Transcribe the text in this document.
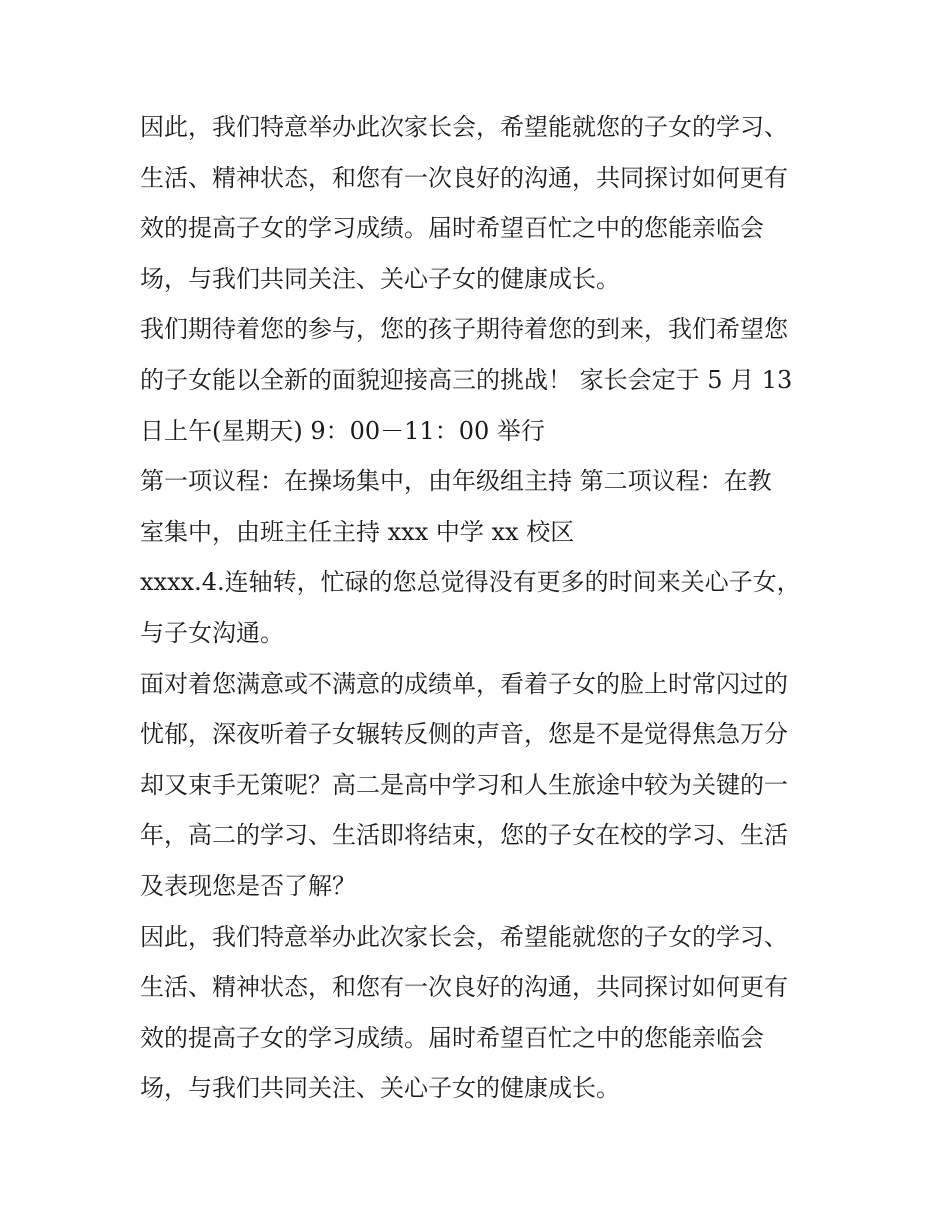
因此，我们特意举办此次家长会，希望能就您的子女的学习、
生活、精神状态，和您有一次良好的沟通，共同探讨如何更有
效的提高子女的学习成绩。届时希望百忙之中的您能亲临会
场，与我们共同关注、关心子女的健康成长。
我们期待着您的参与，您的孩子期待着您的到来，我们希望您
的子女能以全新的面貌迎接高三的挑战！ 家长会定于 5 月 13
日上午(星期天) 9：00－11：00 举行
第一项议程：在操场集中，由年级组主持 第二项议程：在教
室集中，由班主任主持 xxx 中学 xx 校区
xxxx.4.连轴转，忙碌的您总觉得没有更多的时间来关心子女，
与子女沟通。
面对着您满意或不满意的成绩单，看着子女的脸上时常闪过的
忧郁，深夜听着子女辗转反侧的声音，您是不是觉得焦急万分
却又束手无策呢？高二是高中学习和人生旅途中较为关键的一
年，高二的学习、生活即将结束，您的子女在校的学习、生活
及表现您是否了解？
因此，我们特意举办此次家长会，希望能就您的子女的学习、
生活、精神状态，和您有一次良好的沟通，共同探讨如何更有
效的提高子女的学习成绩。届时希望百忙之中的您能亲临会
场，与我们共同关注、关心子女的健康成长。
